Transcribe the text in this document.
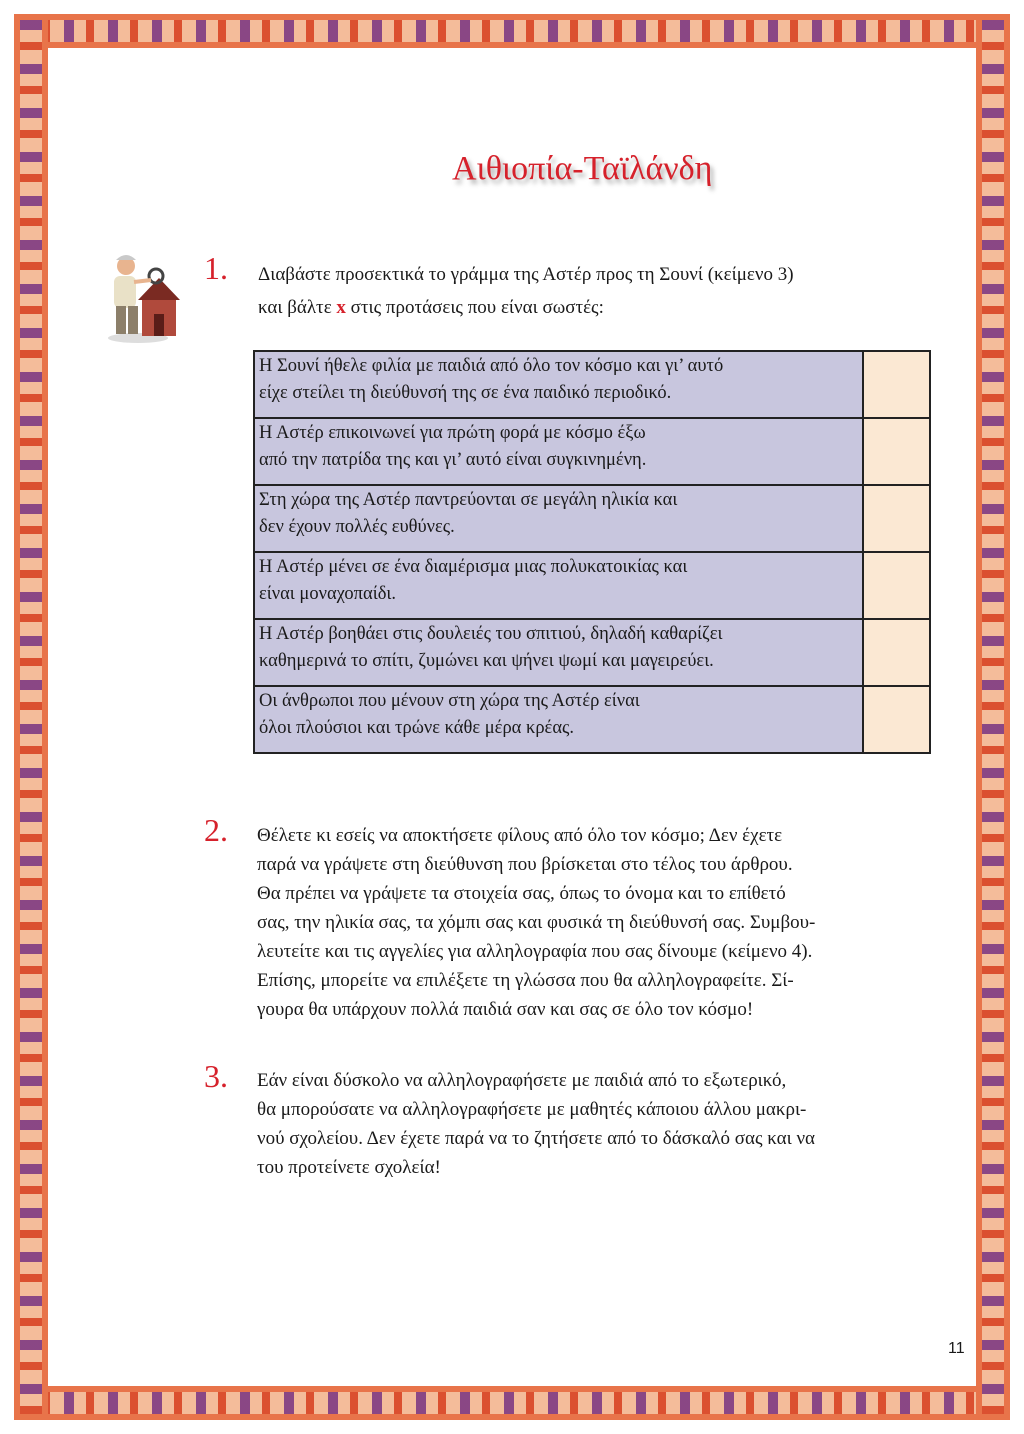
Αιθιοπία-Ταϊλάνδη
1. Διαβάστε προσεκτικά το γράμμα της Αστέρ προς τη Σουνί (κείμενο 3)
και βάλτε x στις προτάσεις που είναι σωστές:
Η Σουνί ήθελε φιλία με παιδιά από όλο τον κόσμο και γι’ αυτό
είχε στείλει τη διεύθυνσή της σε ένα παιδικό περιοδικό.	

Η Αστέρ επικοινωνεί για πρώτη φορά με κόσμο έξω
από την πατρίδα της και γι’ αυτό είναι συγκινημένη.	

Στη χώρα της Αστέρ παντρεύονται σε μεγάλη ηλικία και
δεν έχουν πολλές ευθύνες.	

Η Αστέρ μένει σε ένα διαμέρισμα μιας πολυκατοικίας και
είναι μοναχοπαίδι.	

Η Αστέρ βοηθάει στις δουλειές του σπιτιού, δηλαδή καθαρίζει
καθημερινά το σπίτι, ζυμώνει και ψήνει ψωμί και μαγειρεύει.	

Οι άνθρωποι που μένουν στη χώρα της Αστέρ είναι
όλοι πλούσιοι και τρώνε κάθε μέρα κρέας.	

2. Θέλετε κι εσείς να αποκτήσετε φίλους από όλο τον κόσμο; Δεν έχετε
παρά να γράψετε στη διεύθυνση που βρίσκεται στο τέλος του άρθρου.
Θα πρέπει να γράψετε τα στοιχεία σας, όπως το όνομα και το επίθετό
σας, την ηλικία σας, τα χόμπι σας και φυσικά τη διεύθυνσή σας. Συμβου-
λευτείτε και τις αγγελίες για αλληλογραφία που σας δίνουμε (κείμενο 4).
Επίσης, μπορείτε να επιλέξετε τη γλώσσα που θα αλληλογραφείτε. Σί-
γουρα θα υπάρχουν πολλά παιδιά σαν και σας σε όλο τον κόσμο!
3. Εάν είναι δύσκολο να αλληλογραφήσετε με παιδιά από το εξωτερικό,
θα μπορούσατε να αλληλογραφήσετε με μαθητές κάποιου άλλου μακρι-
νού σχολείου. Δεν έχετε παρά να το ζητήσετε από το δάσκαλό σας και να
του προτείνετε σχολεία!
11
